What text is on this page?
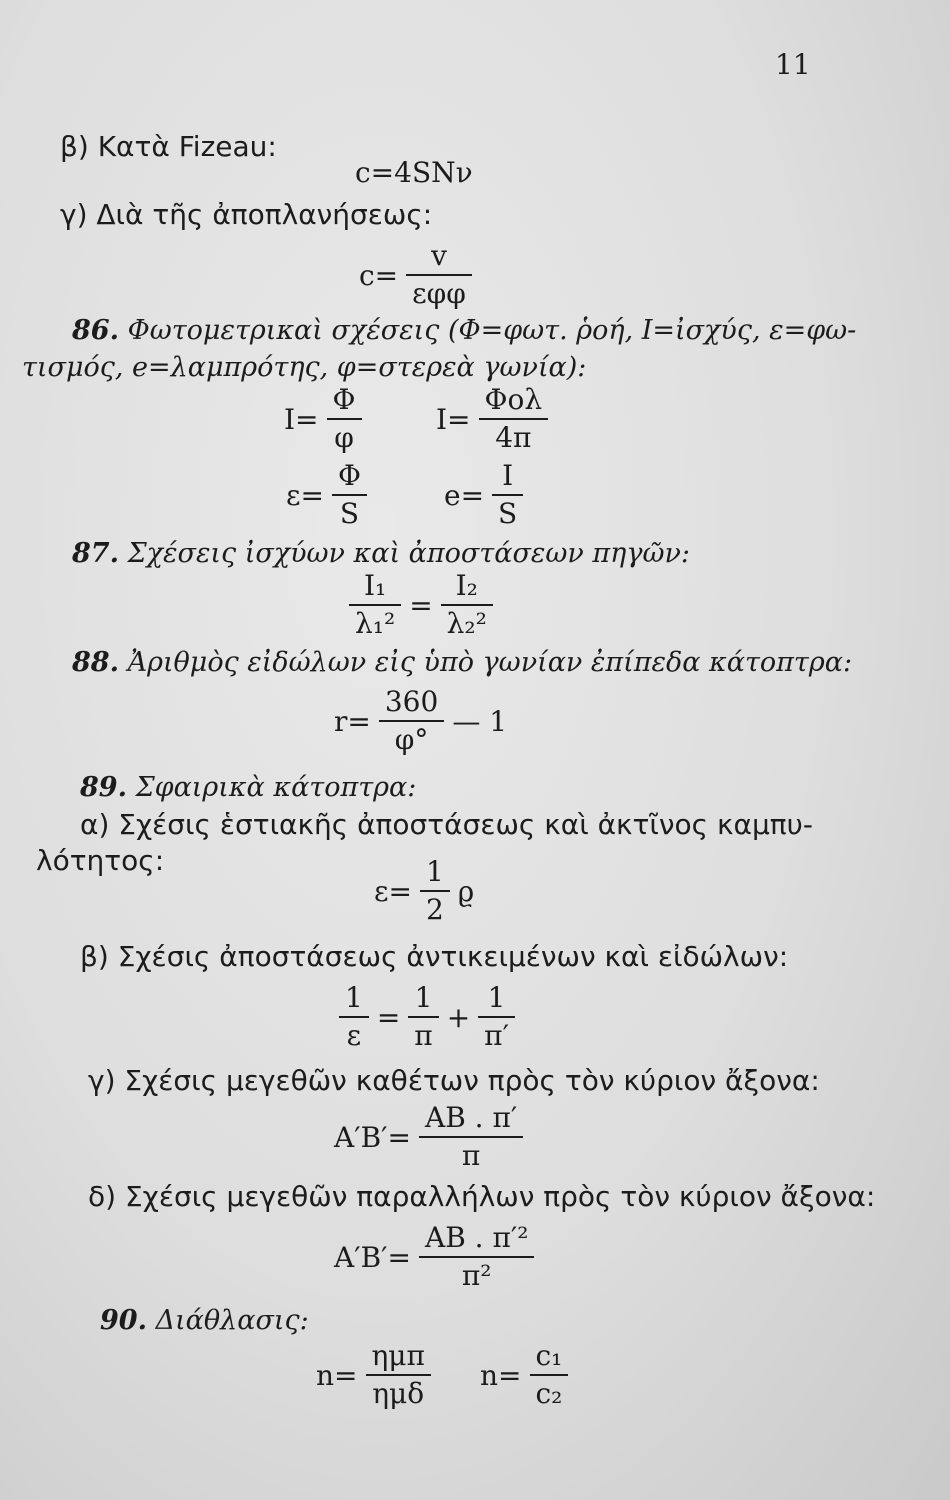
11
β) Κατὰ Fizeau:
c=4SNν
γ) Διὰ τῆς ἀποπλανήσεως:
c=
v
εφφ
86. Φωτομετρικαὶ σχέσεις (Φ=φωτ. ῥοή, Ι=ἰσχύς, ε=φω-
τισμός, e=λαμπρότης, φ=στερεὰ γωνία):
$I= \frac{\Phi}{\varphi}$	I=
Φολ
4π
$\varepsilon= \frac{\Phi}{S}$	$e= \frac{I}{S}$
87. Σχέσεις ἰσχύων καὶ ἀποστάσεων πηγῶν:
$\frac{\text{I₁}}{\text{λ₁²}} = \frac{\text{I₂}}{\text{λ₂²}}$
88. Ἀριθμὸς εἰδώλων εἰς ὑπὸ γωνίαν ἐπίπεδα κάτοπτρα:
$r= \frac{360}{\varphi^\circ}$ — 1
89. Σφαιρικὰ κάτοπτρα:
α) Σχέσις ἑστιακῆς ἀποστάσεως καὶ ἀκτῖνος καμπυ-
λότητος:
$\varepsilon= \frac{1}{2}$ ϱ
β) Σχέσις ἀποστάσεως ἀντικειμένων καὶ εἰδώλων:
$\frac{1}{\varepsilon} = \frac{1}{\pi} + \frac{1}{\pi'}$
γ) Σχέσις μεγεθῶν καθέτων πρὸς τὸν κύριον ἄξονα:
$A'B'= \frac{AB . \pi'}{\pi}$
δ) Σχέσις μεγεθῶν παραλλήλων πρὸς τὸν κύριον ἄξονα:
$A'B'= \frac{\text{AB . π′²}}{\text{π²}}$
90. Διάθλασις:
n=
ημπ
ημδ
$n= \frac{\text{c₁}}{\text{c₂}}$
